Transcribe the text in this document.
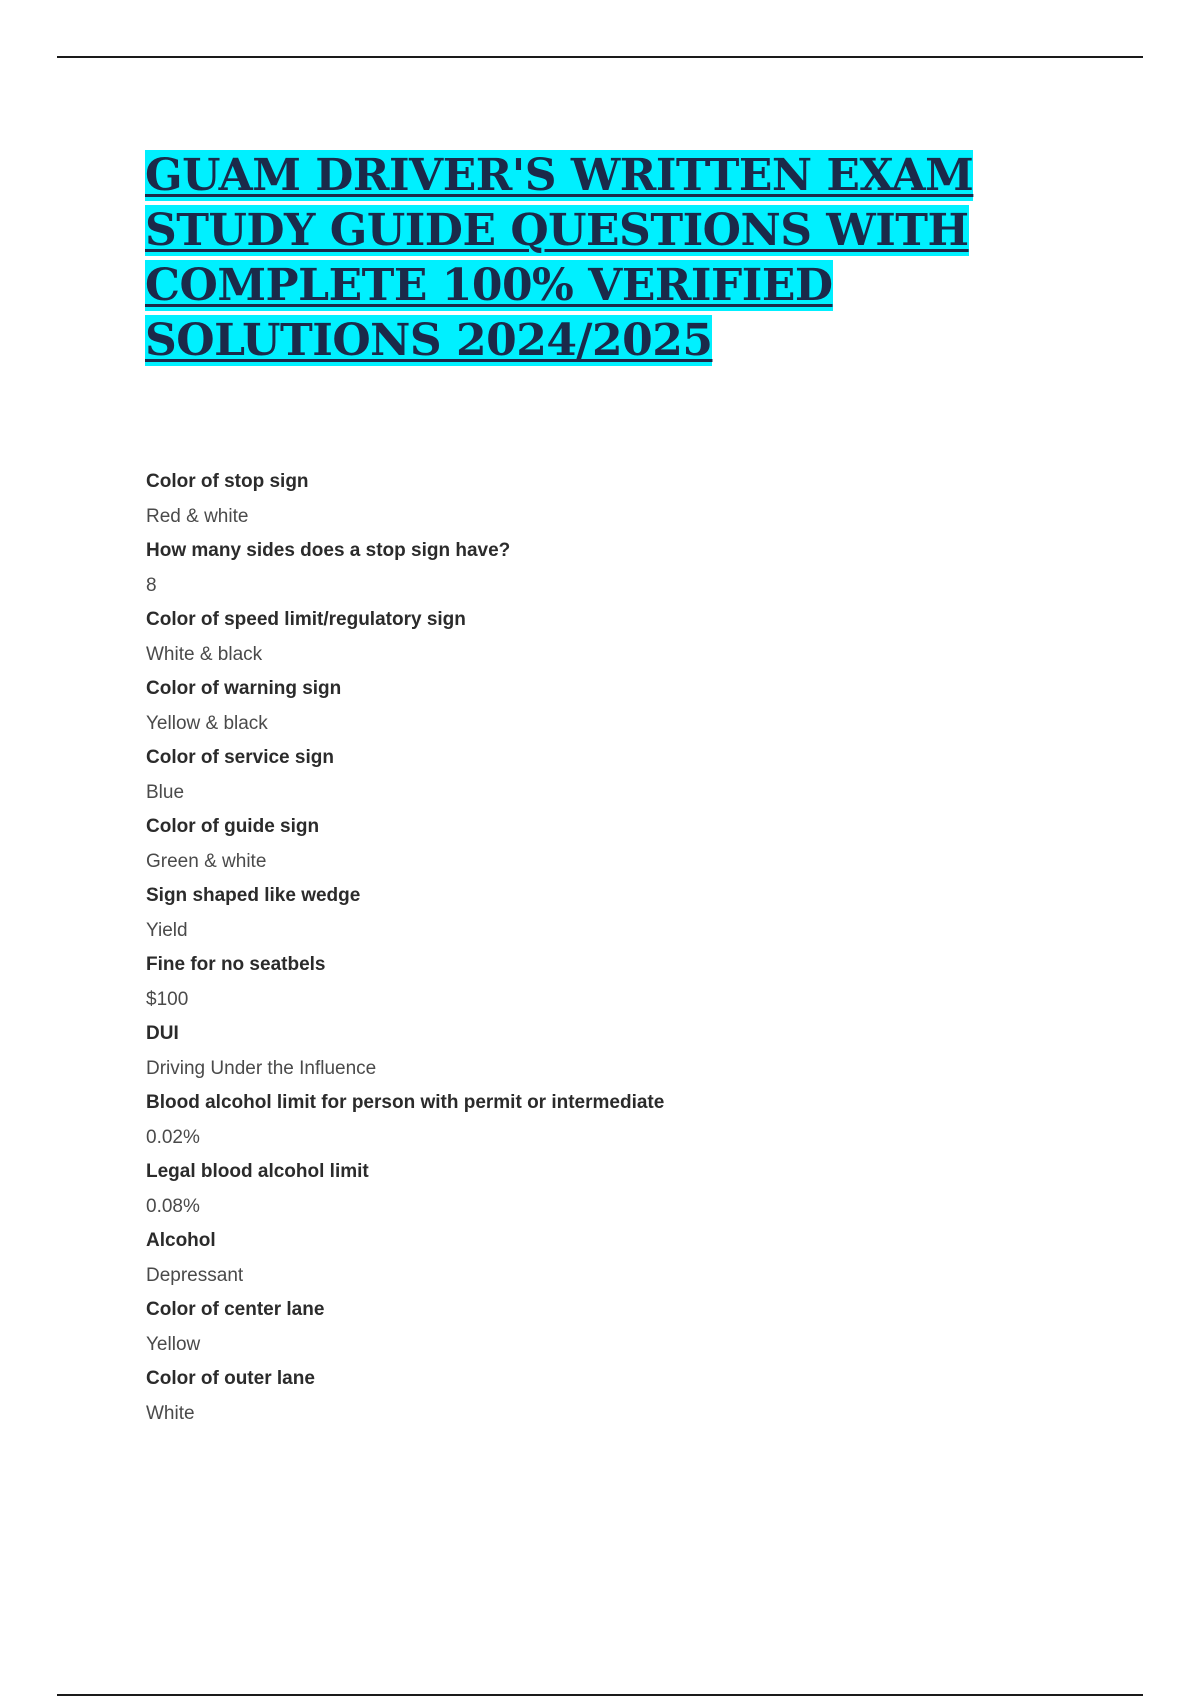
GUAM DRIVER'S WRITTEN EXAM
STUDY GUIDE QUESTIONS WITH
COMPLETE 100% VERIFIED
SOLUTIONS 2024/2025
Color of stop sign
Red & white
How many sides does a stop sign have?
8
Color of speed limit/regulatory sign
White & black
Color of warning sign
Yellow & black
Color of service sign
Blue
Color of guide sign
Green & white
Sign shaped like wedge
Yield
Fine for no seatbels
$100
DUI
Driving Under the Influence
Blood alcohol limit for person with permit or intermediate
0.02%
Legal blood alcohol limit
0.08%
Alcohol
Depressant
Color of center lane
Yellow
Color of outer lane
White
